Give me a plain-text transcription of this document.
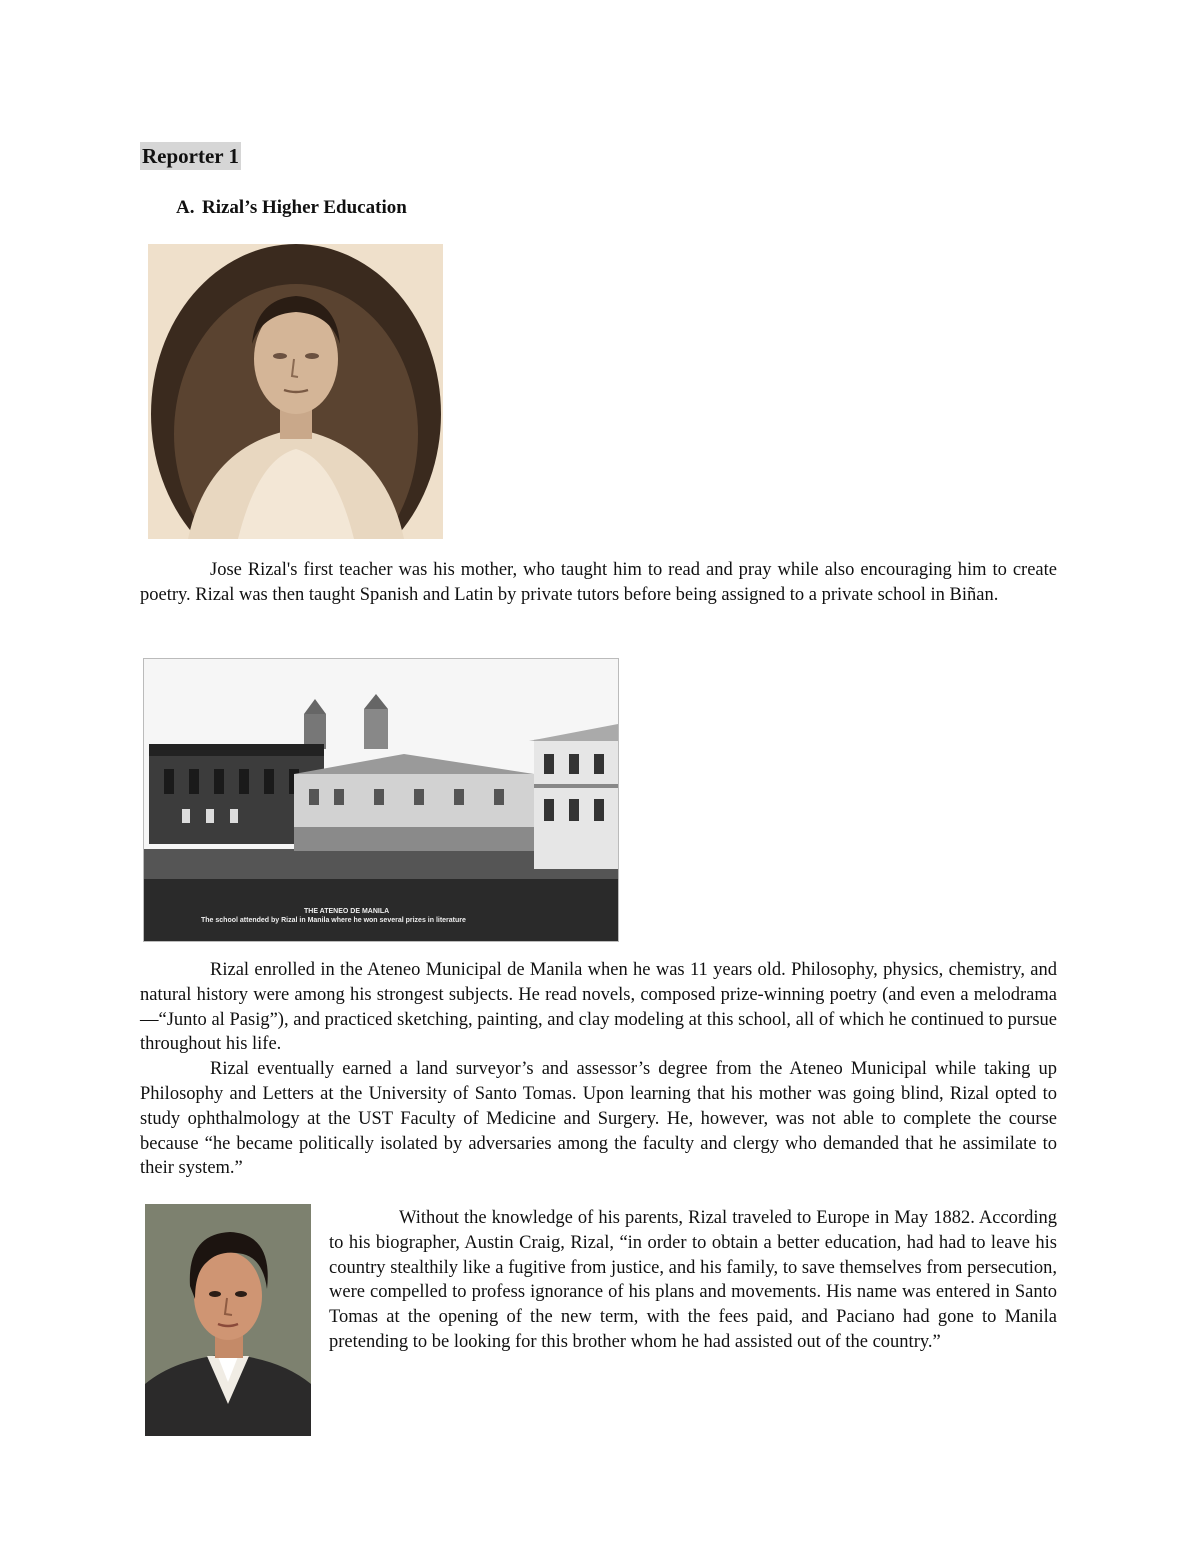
Reporter 1
A. Rizal’s Higher Education

Jose Rizal's first teacher was his mother, who taught him to read and pray while also encouraging him to create poetry. Rizal was then taught Spanish and Latin by private tutors before being assigned to a private school in Biñan.

THE ATENEO DE MANILA
The school attended by Rizal in Manila where he won several prizes in literature

Rizal enrolled in the Ateneo Municipal de Manila when he was 11 years old. Philosophy, physics, chemistry, and natural history were among his strongest subjects. He read novels, composed prize-winning poetry (and even a melodrama—“Junto al Pasig”), and practiced sketching, painting, and clay modeling at this school, all of which he continued to pursue throughout his life.

Rizal eventually earned a land surveyor’s and assessor’s degree from the Ateneo Municipal while taking up Philosophy and Letters at the University of Santo Tomas. Upon learning that his mother was going blind, Rizal opted to study ophthalmology at the UST Faculty of Medicine and Surgery. He, however, was not able to complete the course because “he became politically isolated by adversaries among the faculty and clergy who demanded that he assimilate to their system.”

Without the knowledge of his parents, Rizal traveled to Europe in May 1882. According to his biographer, Austin Craig, Rizal, “in order to obtain a better education, had had to leave his country stealthily like a fugitive from justice, and his family, to save themselves from persecution, were compelled to profess ignorance of his plans and movements. His name was entered in Santo Tomas at the opening of the new term, with the fees paid, and Paciano had gone to Manila pretending to be looking for this brother whom he had assisted out of the country.”
